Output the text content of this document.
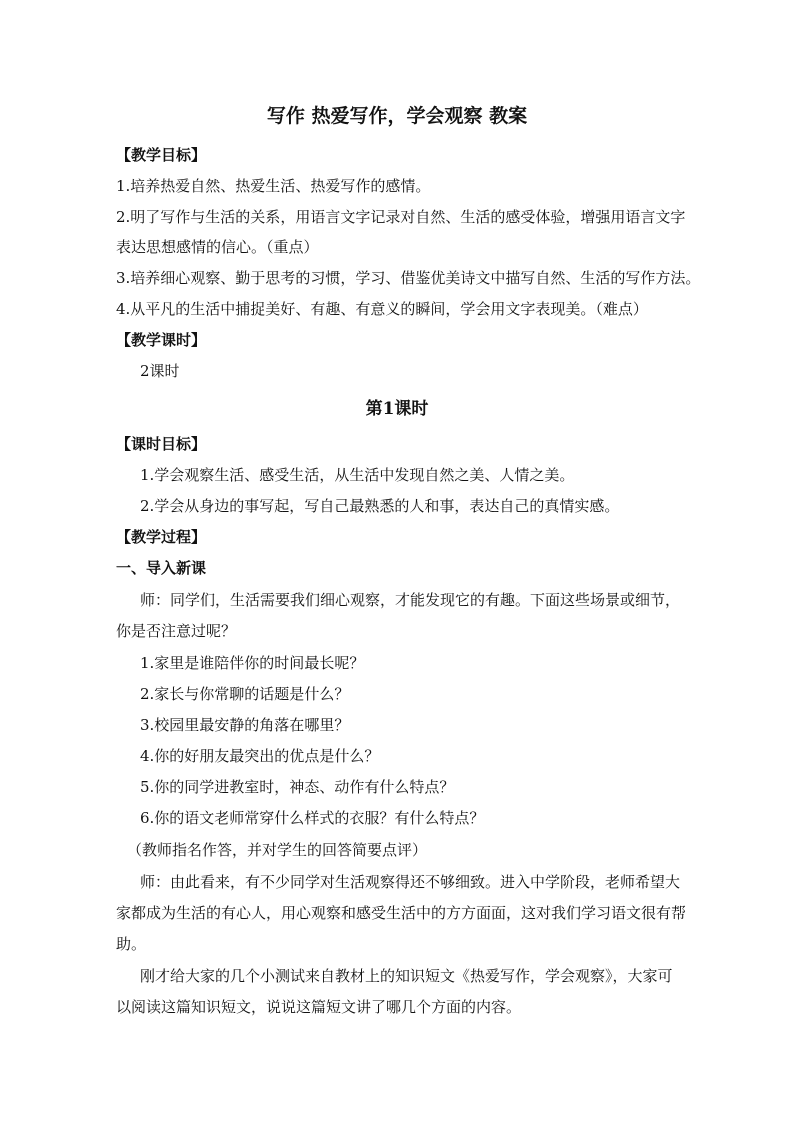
写作 热爱写作，学会观察 教案
【教学目标】
1.培养热爱自然、热爱生活、热爱写作的感情。
2.明了写作与生活的关系，用语言文字记录对自然、生活的感受体验，增强用语言文字
表达思想感情的信心。（重点）
3.培养细心观察、勤于思考的习惯，学习、借鉴优美诗文中描写自然、生活的写作方法。
4.从平凡的生活中捕捉美好、有趣、有意义的瞬间，学会用文字表现美。（难点）
【教学课时】
2课时
第1课时
【课时目标】
1.学会观察生活、感受生活，从生活中发现自然之美、人情之美。
2.学会从身边的事写起，写自己最熟悉的人和事，表达自己的真情实感。
【教学过程】
一、导入新课
师：同学们，生活需要我们细心观察，才能发现它的有趣。下面这些场景或细节，
你是否注意过呢？
1.家里是谁陪伴你的时间最长呢？
2.家长与你常聊的话题是什么？
3.校园里最安静的角落在哪里？
4.你的好朋友最突出的优点是什么？
5.你的同学进教室时，神态、动作有什么特点？
6.你的语文老师常穿什么样式的衣服？有什么特点？
（教师指名作答，并对学生的回答简要点评）
师：由此看来，有不少同学对生活观察得还不够细致。进入中学阶段，老师希望大
家都成为生活的有心人，用心观察和感受生活中的方方面面，这对我们学习语文很有帮
助。
刚才给大家的几个小测试来自教材上的知识短文《热爱写作，学会观察》，大家可
以阅读这篇知识短文，说说这篇短文讲了哪几个方面的内容。
